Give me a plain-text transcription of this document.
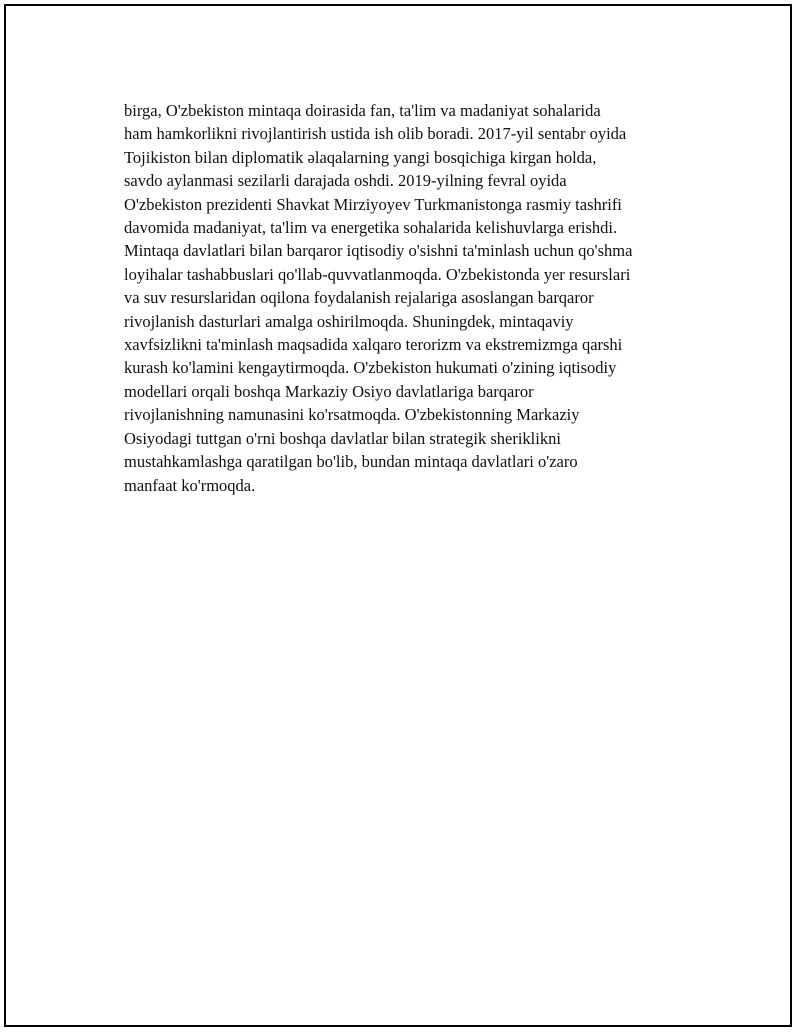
birga, O'zbekiston mintaqa doirasida fan, ta'lim va madaniyat sohalarida
ham hamkorlikni rivojlantirish ustida ish olib boradi. 2017-yil sentabr oyida
Tojikiston bilan diplomatik əlaqalarning yangi bosqichiga kirgan holda,
savdo aylanmasi sezilarli darajada oshdi. 2019-yilning fevral oyida
O'zbekiston prezidenti Shavkat Mirziyoyev Turkmanistonga rasmiy tashrifi
davomida madaniyat, ta'lim va energetika sohalarida kelishuvlarga erishdi.
Mintaqa davlatlari bilan barqaror iqtisodiy o'sishni ta'minlash uchun qo'shma
loyihalar tashabbuslari qo'llab-quvvatlanmoqda. O'zbekistonda yer resurslari
va suv resurslaridan oqilona foydalanish rejalariga asoslangan barqaror
rivojlanish dasturlari amalga oshirilmoqda. Shuningdek, mintaqaviy
xavfsizlikni ta'minlash maqsadida xalqaro terorizm va ekstremizmga qarshi
kurash ko'lamini kengaytirmoqda. O'zbekiston hukumati o'zining iqtisodiy
modellari orqali boshqa Markaziy Osiyo davlatlariga barqaror
rivojlanishning namunasini ko'rsatmoqda. O'zbekistonning Markaziy
Osiyodagi tuttgan o'rni boshqa davlatlar bilan strategik sheriklikni
mustahkamlashga qaratilgan bo'lib, bundan mintaqa davlatlari o'zaro
manfaat ko'rmoqda.
